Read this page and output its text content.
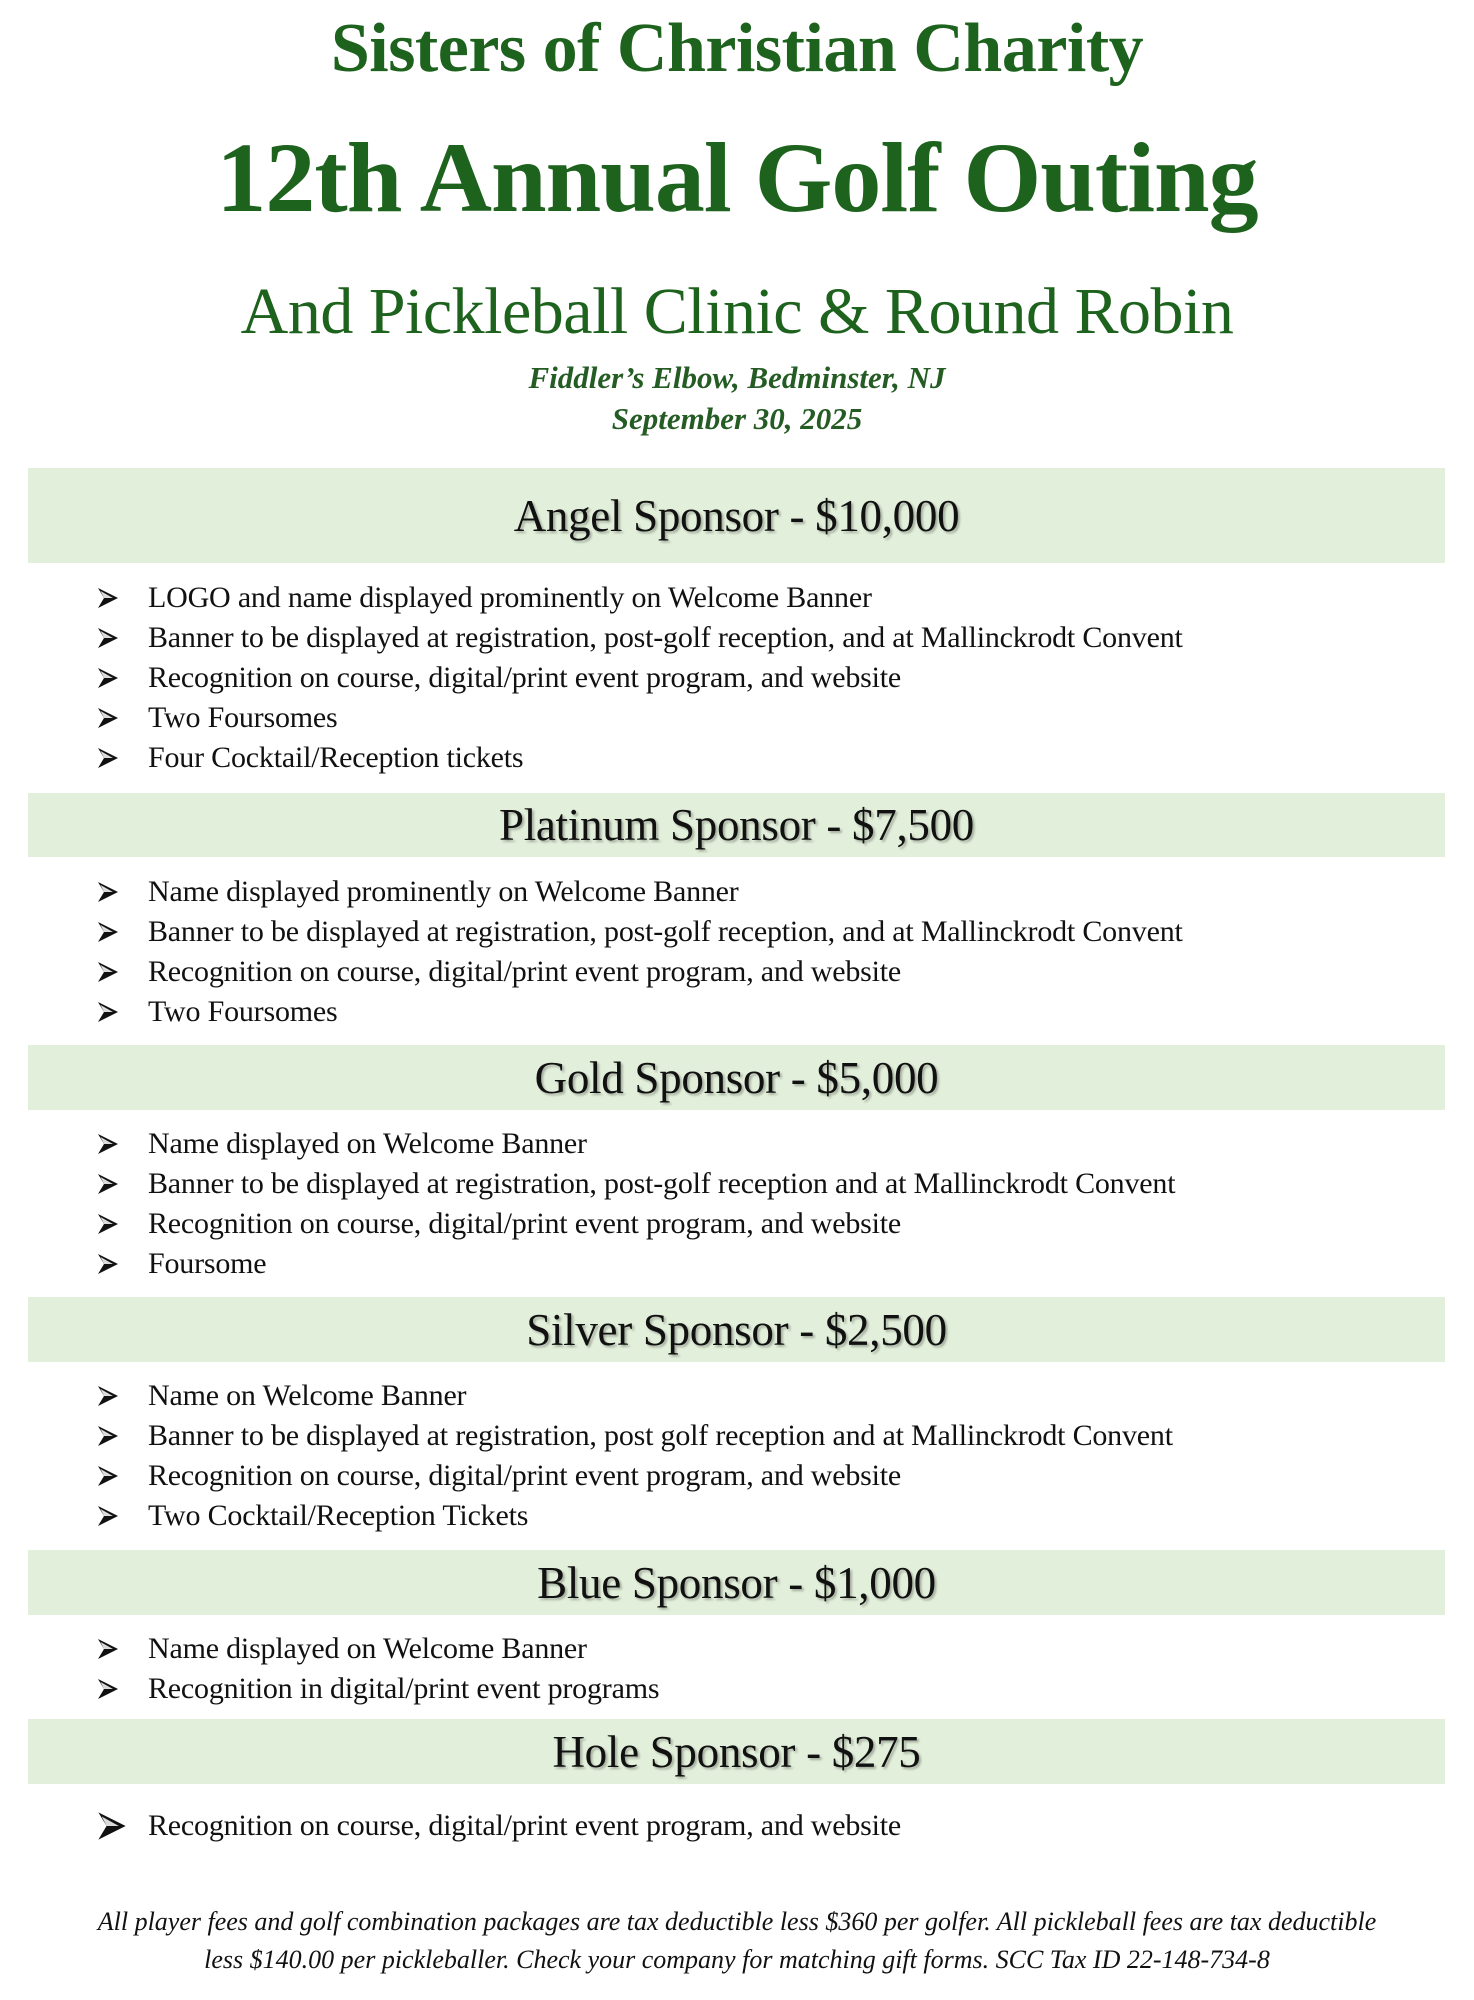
Sisters of Christian Charity
12th Annual Golf Outing
And Pickleball Clinic & Round Robin
Fiddler’s Elbow, Bedminster, NJ
September 30, 2025
Angel Sponsor - $10,000
LOGO and name displayed prominently on Welcome Banner
Banner to be displayed at registration, post-golf reception, and at Mallinckrodt Convent
Recognition on course, digital/print event program, and website
Two Foursomes
Four Cocktail/Reception tickets
Platinum Sponsor - $7,500
Name displayed prominently on Welcome Banner
Banner to be displayed at registration, post-golf reception, and at Mallinckrodt Convent
Recognition on course, digital/print event program, and website
Two Foursomes
Gold Sponsor - $5,000
Name displayed on Welcome Banner
Banner to be displayed at registration, post-golf reception and at Mallinckrodt Convent
Recognition on course, digital/print event program, and website
Foursome
Silver Sponsor - $2,500
Name on Welcome Banner
Banner to be displayed at registration, post golf reception and at Mallinckrodt Convent
Recognition on course, digital/print event program, and website
Two Cocktail/Reception Tickets
Blue Sponsor - $1,000
Name displayed on Welcome Banner
Recognition in digital/print event programs
Hole Sponsor - $275
Recognition on course, digital/print event program, and website
All player fees and golf combination packages are tax deductible less $360 per golfer. All pickleball fees are tax deductible
less $140.00 per pickleballer. Check your company for matching gift forms. SCC Tax ID 22-148-734-8
